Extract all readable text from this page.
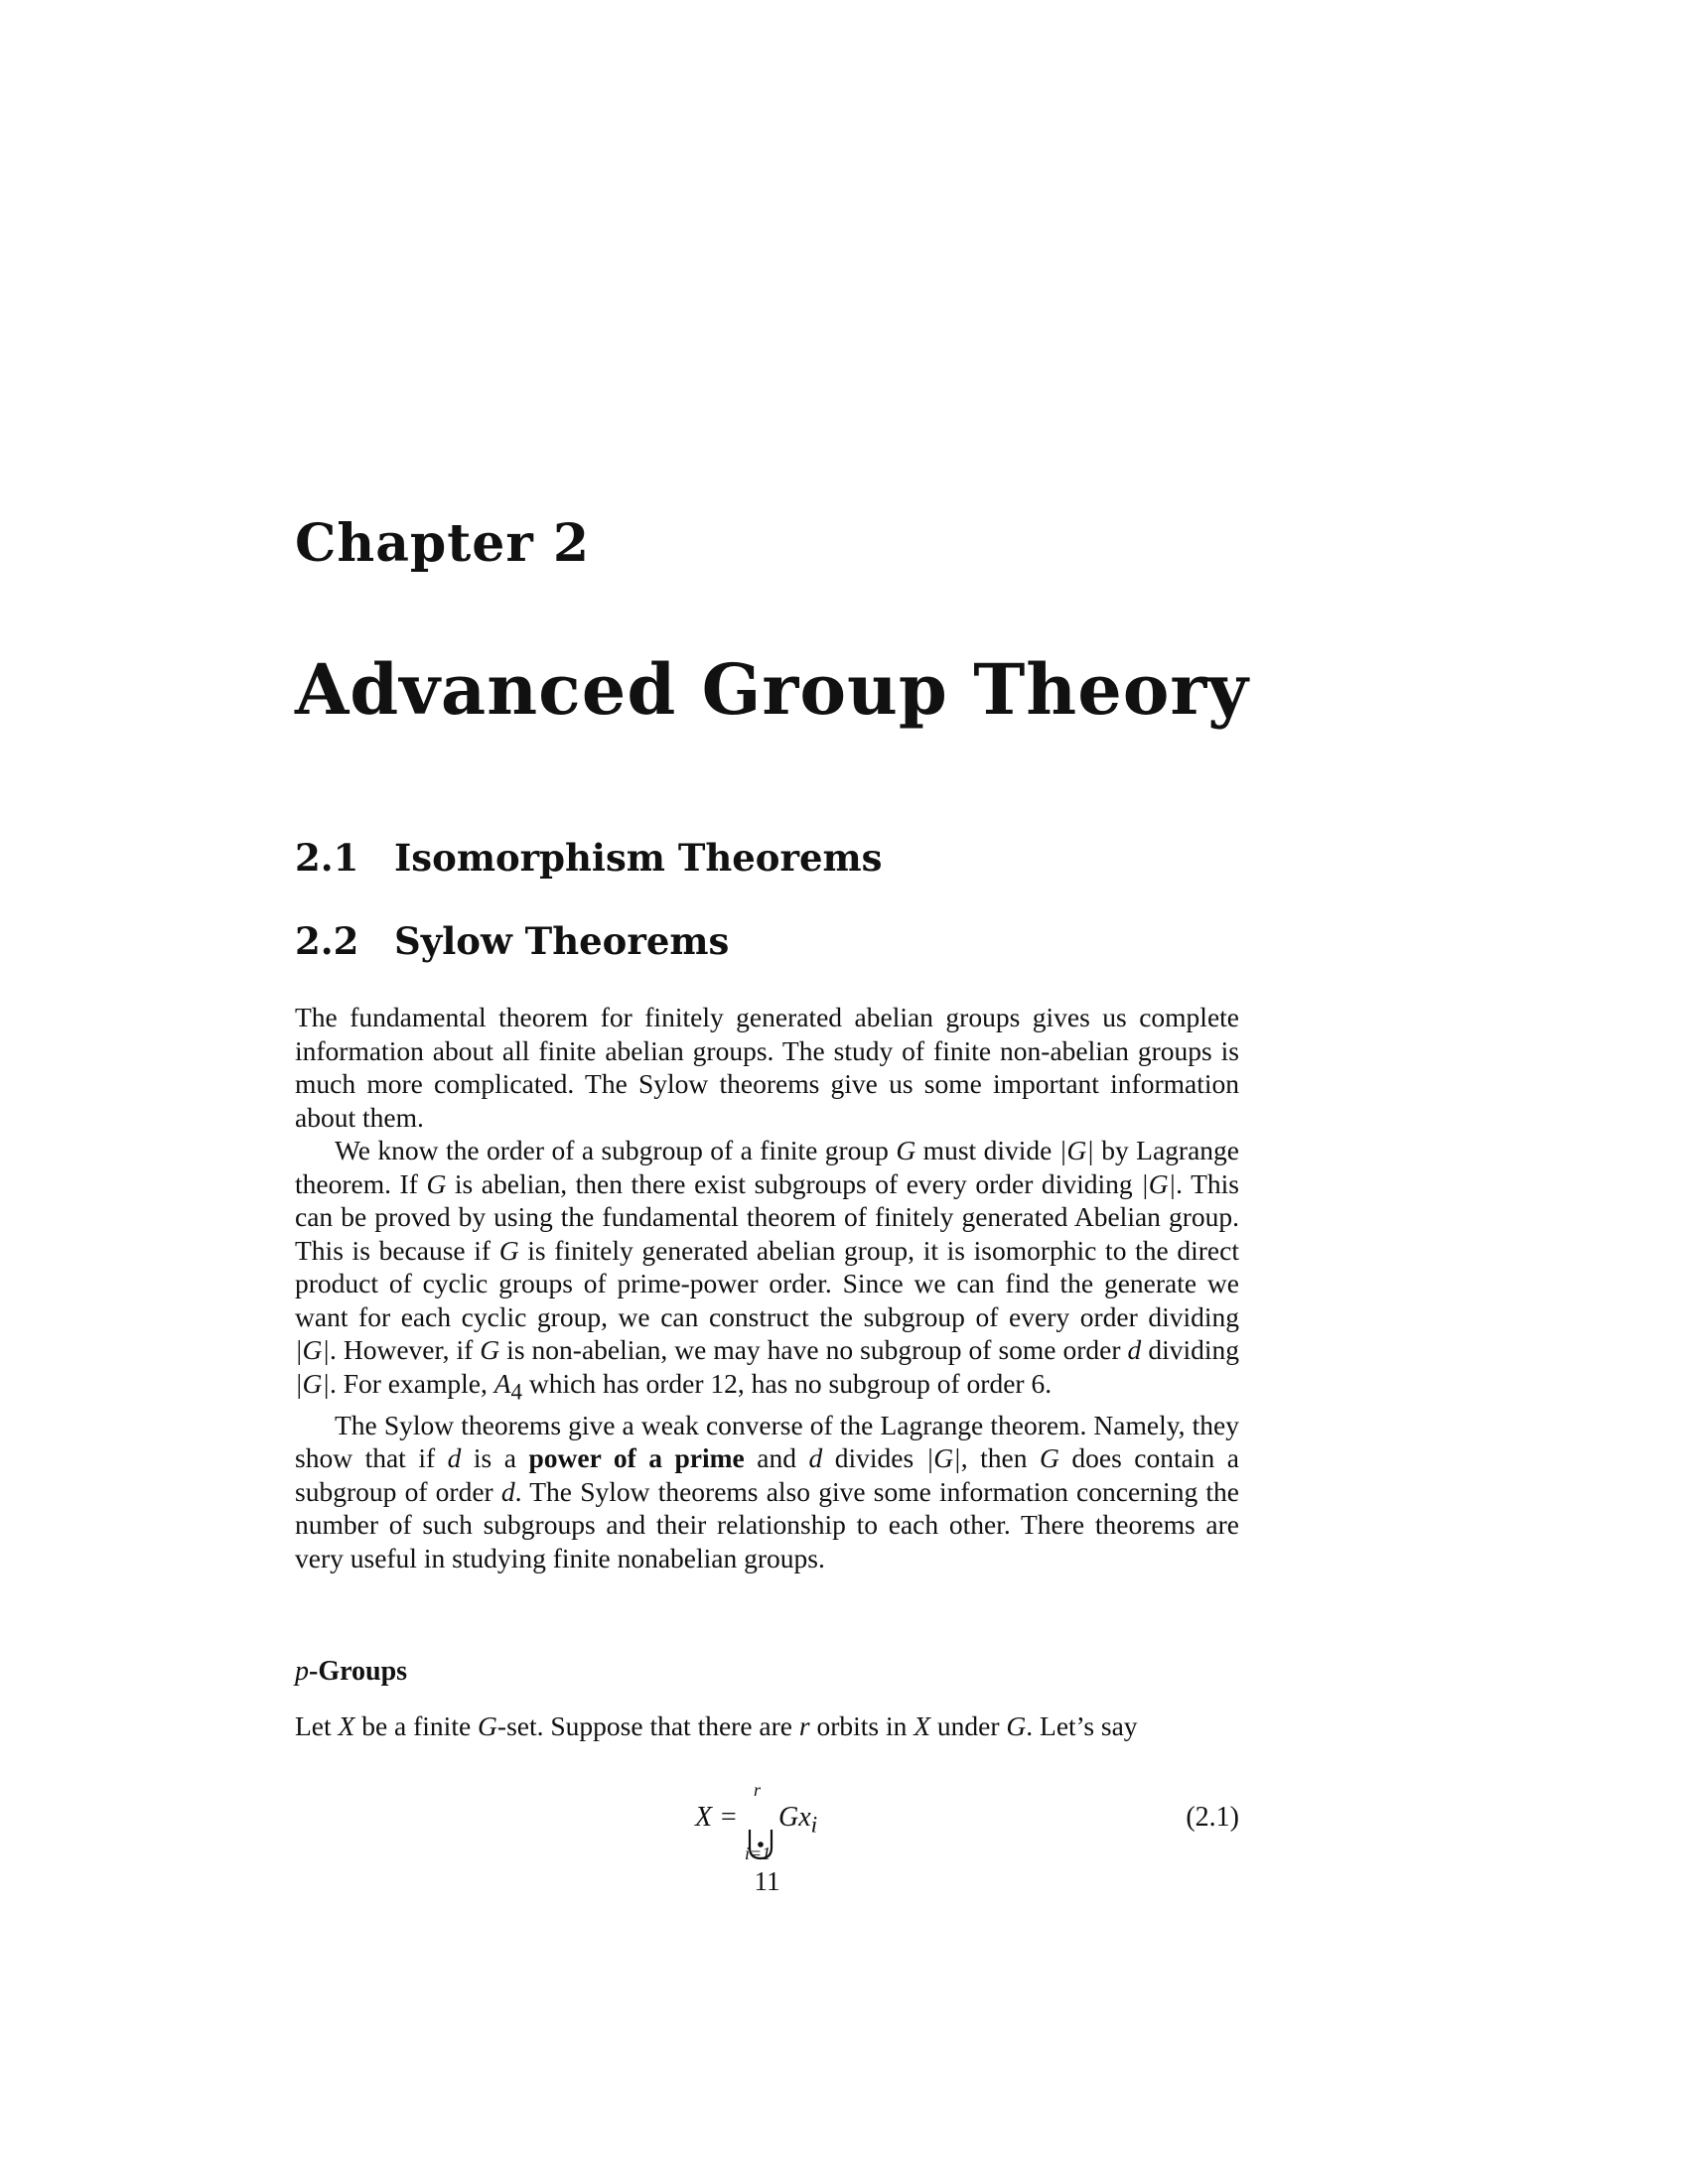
Chapter 2
Advanced Group Theory
2.1 Isomorphism Theorems
2.2 Sylow Theorems

The fundamental theorem for finitely generated abelian groups gives us complete information about all finite abelian groups. The study of finite non-abelian groups is much more complicated. The Sylow theorems give us some important information about them.

We know the order of a subgroup of a finite group G must divide |G| by Lagrange theorem. If G is abelian, then there exist subgroups of every order dividing |G|. This can be proved by using the fundamental theorem of finitely generated Abelian group. This is because if G is finitely generated abelian group, it is isomorphic to the direct product of cyclic groups of prime-power order. Since we can find the generate we want for each cyclic group, we can construct the subgroup of every order dividing |G|. However, if G is non-abelian, we may have no subgroup of some order d dividing |G|. For example, $A_4$ which has order 12, has no subgroup of order 6.

The Sylow theorems give a weak converse of the Lagrange theorem. Namely, they show that if d is a power of a prime and d divides |G|, then G does contain a subgroup of order d. The Sylow theorems also give some information concerning the number of such subgroups and their relationship to each other. There theorems are very useful in studying finite nonabelian groups.

p-Groups

Let X be a finite G-set. Suppose that there are r orbits in X under G. Let’s say

X =
r
i=1
$Gx_i$	(2.1)
11
